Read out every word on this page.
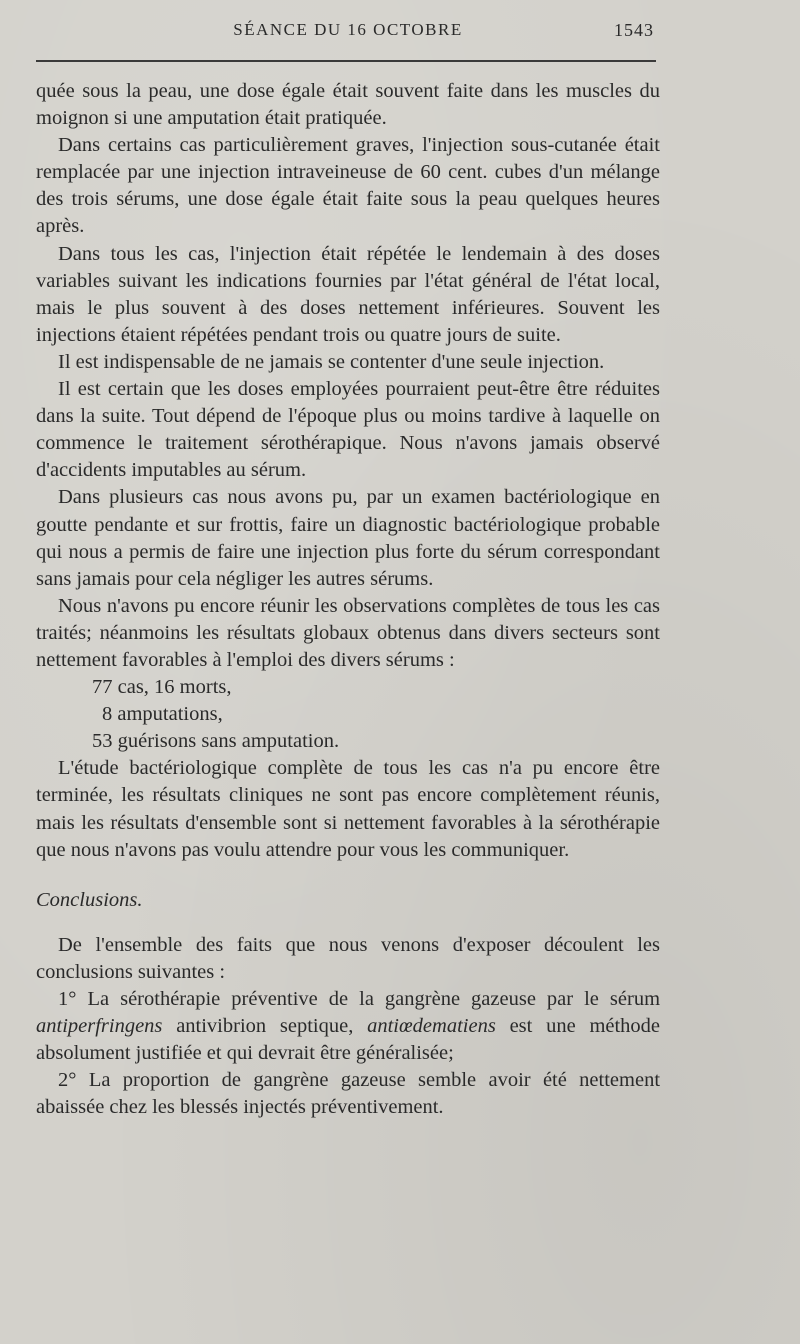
SÉANCE DU 16 OCTOBRE	1543

quée sous la peau, une dose égale était souvent faite dans les muscles du moignon si une amputation était pratiquée.

Dans certains cas particulièrement graves, l'injection sous-cutanée était remplacée par une injection intraveineuse de 60 cent. cubes d'un mélange des trois sérums, une dose égale était faite sous la peau quelques heures après.

Dans tous les cas, l'injection était répétée le lendemain à des doses variables suivant les indications fournies par l'état général de l'état local, mais le plus souvent à des doses nettement inférieures. Souvent les injections étaient répétées pendant trois ou quatre jours de suite.

Il est indispensable de ne jamais se contenter d'une seule injection.

Il est certain que les doses employées pourraient peut-être être réduites dans la suite. Tout dépend de l'époque plus ou moins tardive à laquelle on commence le traitement sérothérapique. Nous n'avons jamais observé d'accidents imputables au sérum.

Dans plusieurs cas nous avons pu, par un examen bactériologique en goutte pendante et sur frottis, faire un diagnostic bactériologique probable qui nous a permis de faire une injection plus forte du sérum correspondant sans jamais pour cela négliger les autres sérums.

Nous n'avons pu encore réunir les observations complètes de tous les cas traités; néanmoins les résultats globaux obtenus dans divers secteurs sont nettement favorables à l'emploi des divers sérums :

77 cas, 16 morts,
8 amputations,
53 guérisons sans amputation.

L'étude bactériologique complète de tous les cas n'a pu encore être terminée, les résultats cliniques ne sont pas encore complètement réunis, mais les résultats d'ensemble sont si nettement favorables à la sérothérapie que nous n'avons pas voulu attendre pour vous les communiquer.

Conclusions.

De l'ensemble des faits que nous venons d'exposer découlent les conclusions suivantes :

1° La sérothérapie préventive de la gangrène gazeuse par le sérum antiperfringens antivibrion septique, antiœdematiens est une méthode absolument justifiée et qui devrait être généralisée;

2° La proportion de gangrène gazeuse semble avoir été nettement abaissée chez les blessés injectés préventivement.
